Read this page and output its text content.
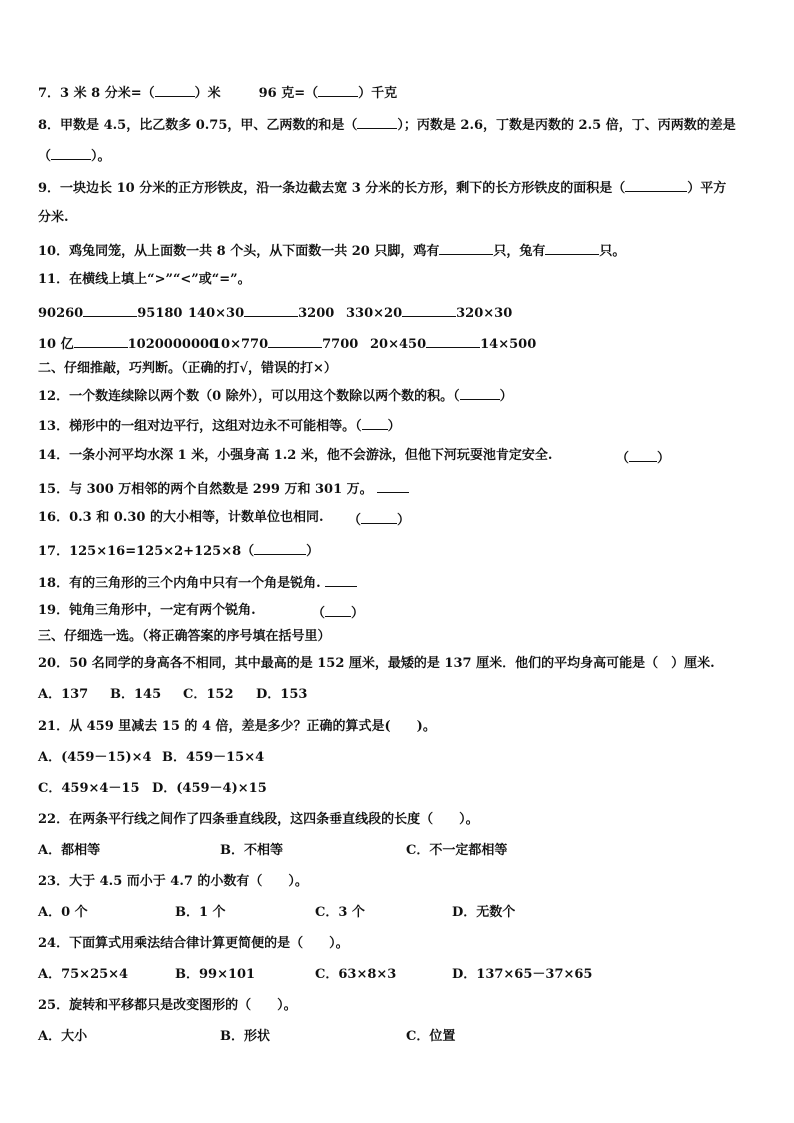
7．3 米 8 分米=（	）米	96 克=（	）千克
8．甲数是 4.5，比乙数多 0.75，甲、乙两数的和是（	）；丙数是 2.6，丁数是丙数的 2.5 倍，丁、丙两数的差是
（	）。
9．一块边长 10 分米的正方形铁皮，沿一条边截去宽 3 分米的长方形，剩下的长方形铁皮的面积是（	）平方
分米.
10．鸡兔同笼，从上面数一共 8 个头，从下面数一共 20 只脚，鸡有	只，兔有	只。
11．在横线上填上“>”“<”或“=”。
90260	95180 140×30	3200 330×20	320×30
10 亿	1020000000
10×770	7700 20×450	14×500
二、仔细推敲，巧判断。（正确的打√，错误的打×）
12．一个数连续除以两个数（0 除外），可以用这个数除以两个数的积。（	）
13．梯形中的一组对边平行，这组对边永不可能相等。（ ）
14．一条小河平均水深 1 米，小强身高 1.2 米，他不会游泳，但他下河玩耍池肯定安全.	（ ）
15．与 300 万相邻的两个自然数是 299 万和 301 万。
16．0.3 和 0.30 的大小相等，计数单位也相同. （	）
17．125×16=125×2+125×8（	）
18．有的三角形的三个内角中只有一个角是锐角.
19．钝角三角形中，一定有两个锐角.	（ ）
三、仔细选一选。（将正确答案的序号填在括号里）
20．50 名同学的身高各不相同，其中最高的是 152 厘米，最矮的是 137 厘米．他们的平均身高可能是（　）厘米.
A．137 B．145 C．152 D．153
21．从 459 里减去 15 的 4 倍，差是多少？正确的算式是(　　)。
A．(459－15)×4 B．459－15×4
C．459×4－15 D．(459－4)×15
22．在两条平行线之间作了四条垂直线段，这四条垂直线段的长度（　　）。
A．都相等	B．不相等	C．不一定都相等
23．大于 4.5 而小于 4.7 的小数有（　　）。
A．0 个	B．1 个	C．3 个	D．无数个
24．下面算式用乘法结合律计算更简便的是（　　）。
A．75×25×4	B．99×101	C．63×8×3	D．137×65－37×65
25．旋转和平移都只是改变图形的（　　）。
A．大小	B．形状	C．位置
